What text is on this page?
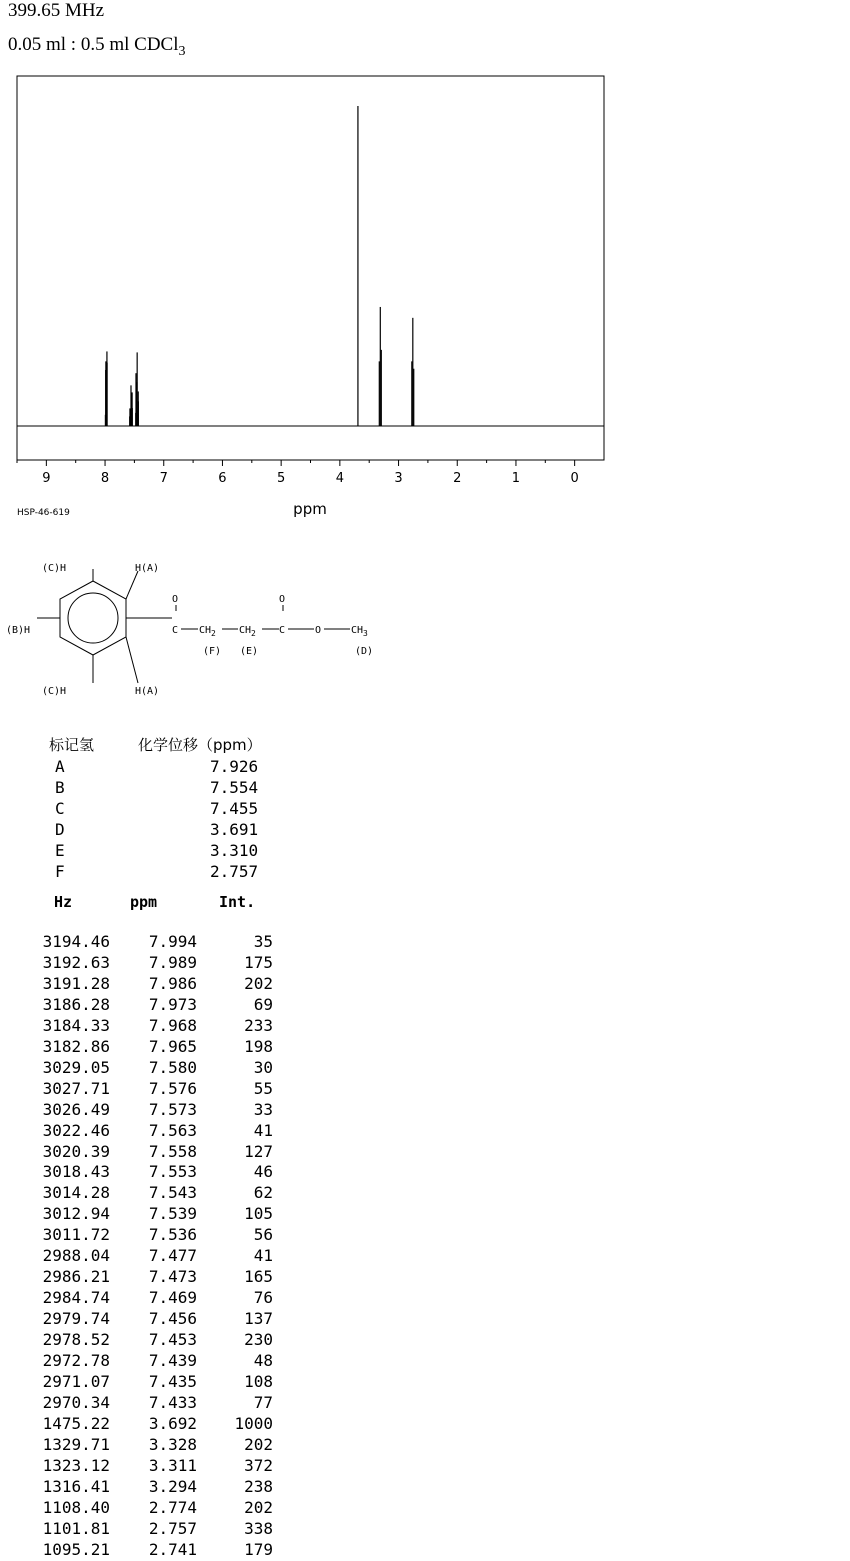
399.65 MHz
0.05 ml : 0.5 ml CDCl$_3$
9	8	7	6	5	4	3	2	1	0
ppm
HSP-46-619
(C)H	H(A)
(B)H
(C)H	H(A)
O	O
C $CH_2$ $CH_2$ C	O	$CH_3$
(F) (E)	(D)
标记氢	化学位移（ppm）
A	7.926
B	7.554
C	7.455
D	3.691
E	3.310
F	2.757
Hz	ppm	Int.
3194.46	7.994	35
3192.63	7.989	175
3191.28	7.986	202
3186.28	7.973	69
3184.33	7.968	233
3182.86	7.965	198
3029.05	7.580	30
3027.71	7.576	55
3026.49	7.573	33
3022.46	7.563	41
3020.39	7.558	127
3018.43	7.553	46
3014.28	7.543	62
3012.94	7.539	105
3011.72	7.536	56
2988.04	7.477	41
2986.21	7.473	165
2984.74	7.469	76
2979.74	7.456	137
2978.52	7.453	230
2972.78	7.439	48
2971.07	7.435	108
2970.34	7.433	77
1475.22	3.692	1000
1329.71	3.328	202
1323.12	3.311	372
1316.41	3.294	238
1108.40	2.774	202
1101.81	2.757	338
1095.21	2.741	179
